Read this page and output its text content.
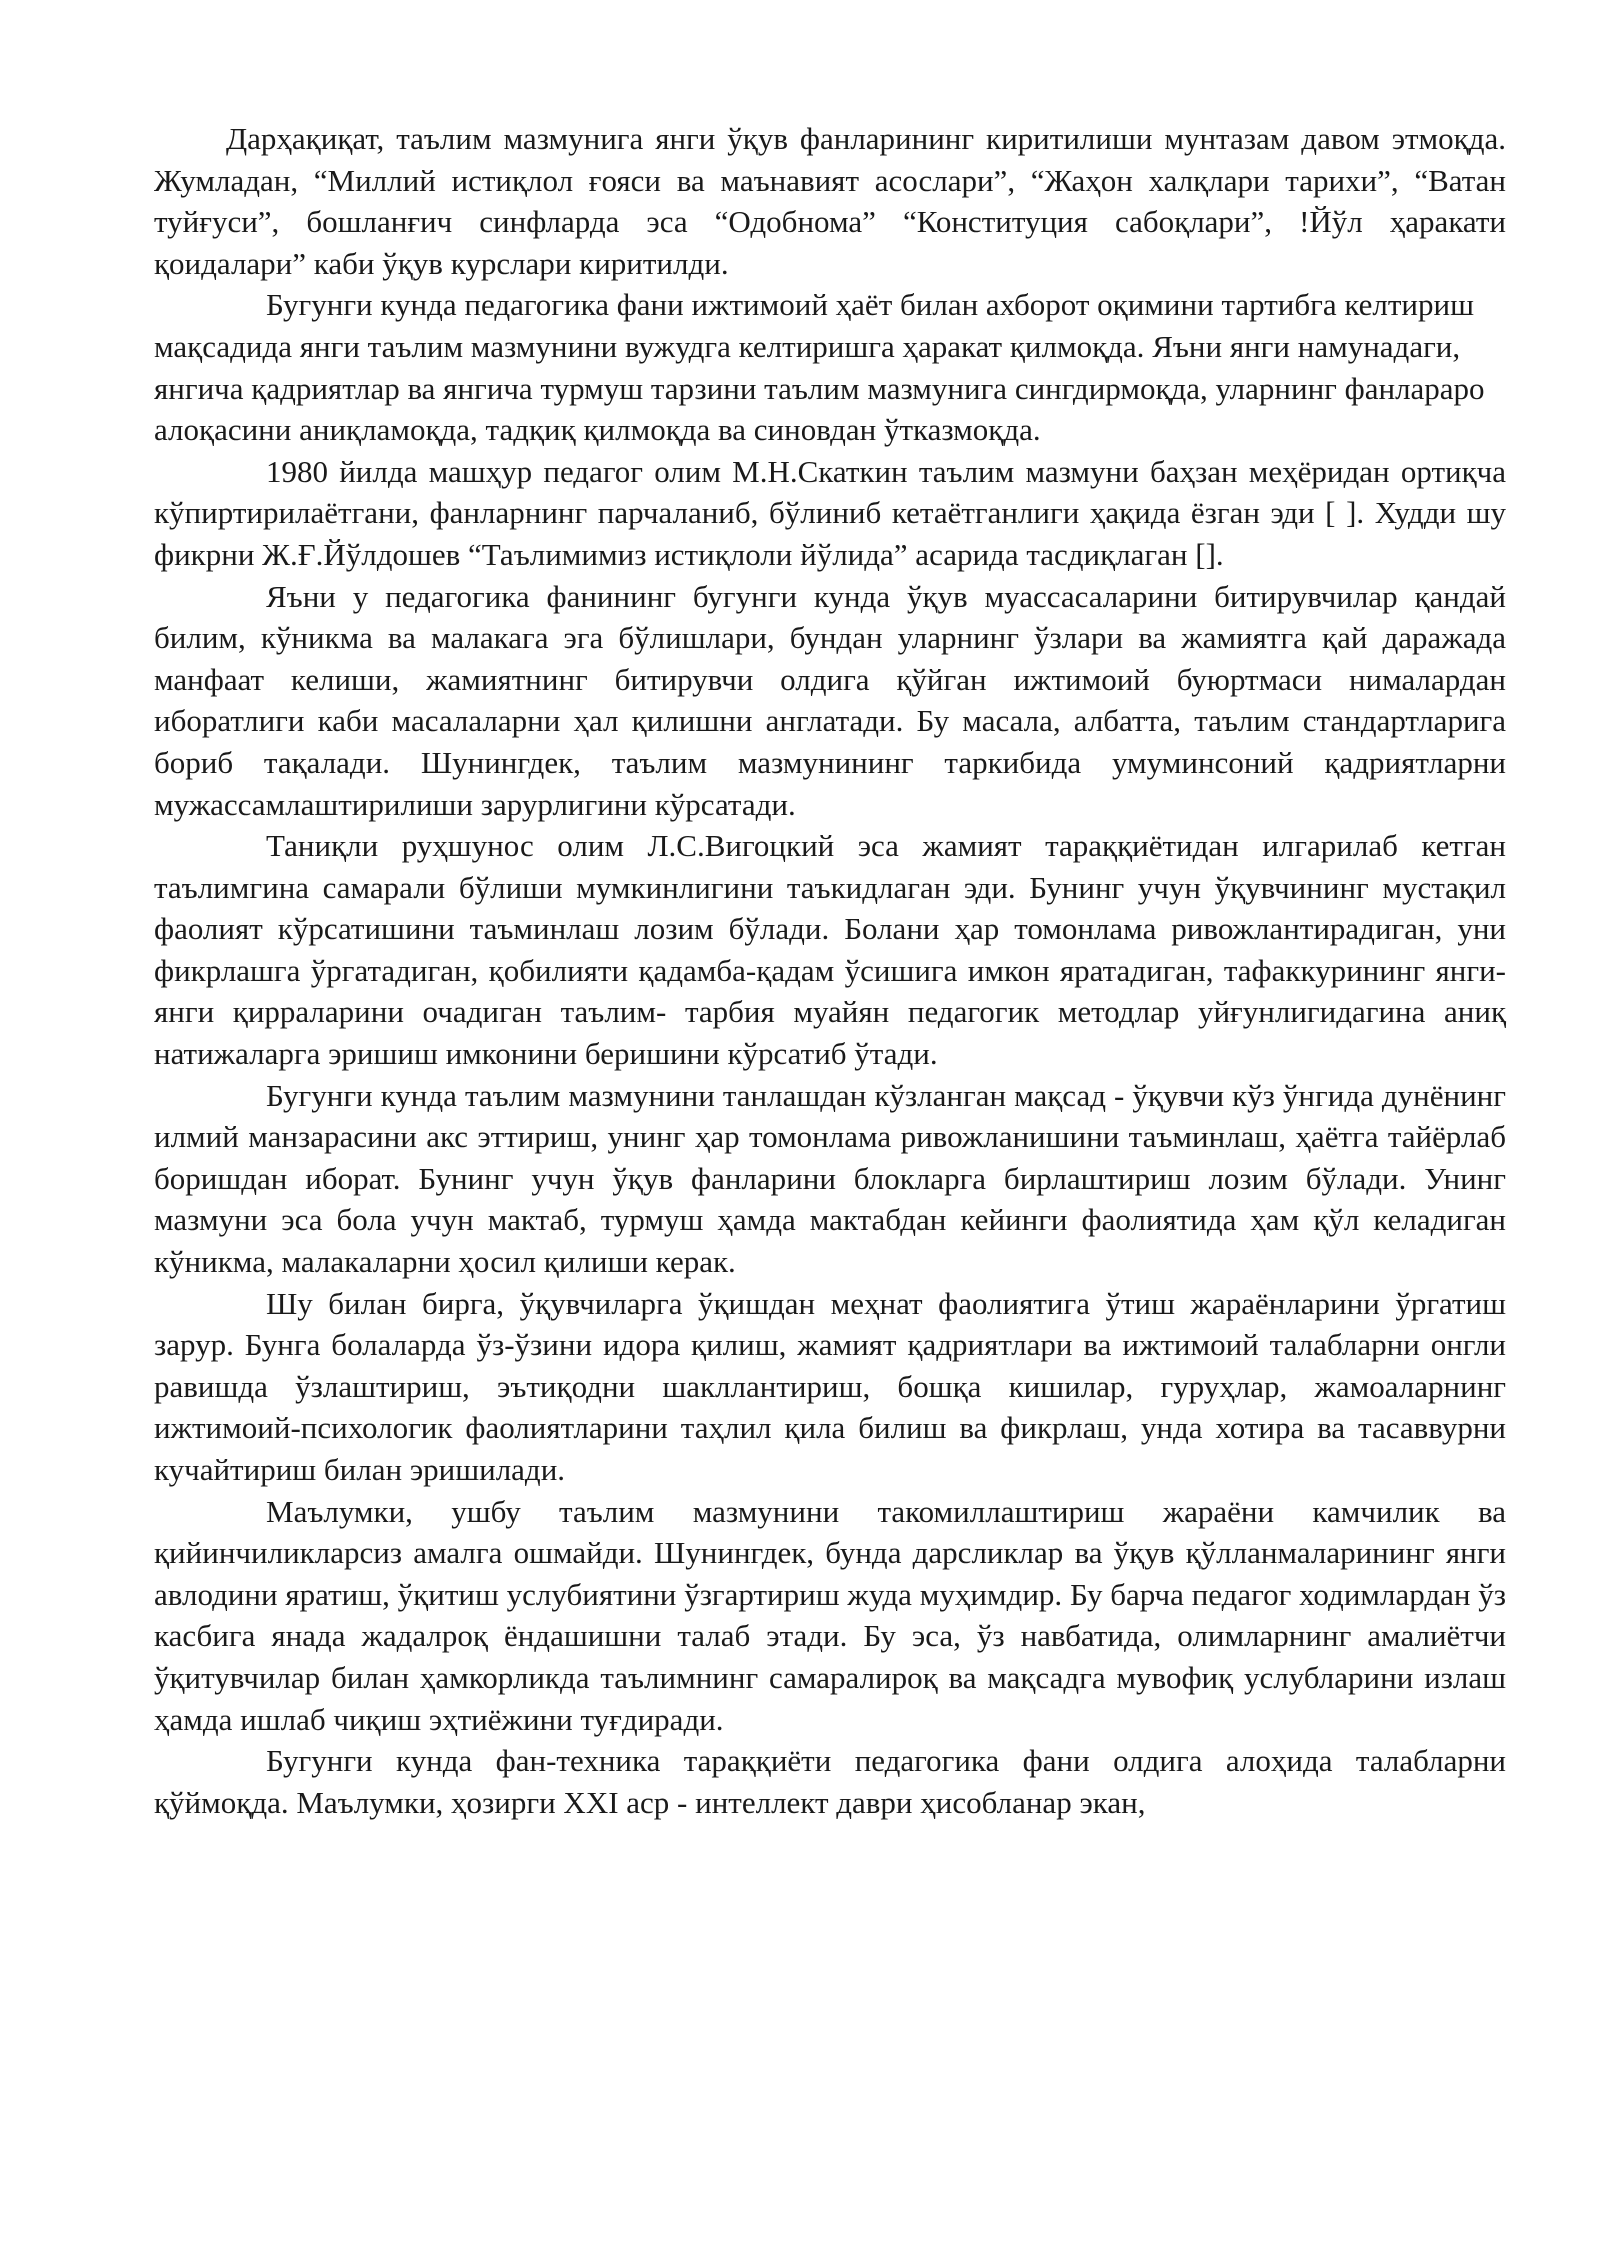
Дарҳақиқат, таълим мазмунига янги ўқув фанларининг киритилиши мунтазам давом этмоқда. Жумладан, “Миллий истиқлол ғояси ва маънавият асослари”, “Жаҳон халқлари тарихи”, “Ватан туйғуси”, бошланғич синфларда эса “Одобнома” “Конституция сабоқлари”, !Йўл ҳаракати қоидалари” каби ўқув курслари киритилди.

Бугунги кунда педагогика фани ижтимоий ҳаёт билан ахборот оқимини тартибга келтириш мақсадида янги таълим мазмунини вужудга келтиришга ҳаракат қилмоқда. Яъни янги намунадаги, янгича қадриятлар ва янгича турмуш тарзини таълим мазмунига сингдирмоқда, уларнинг фанлараро алоқасини аниқламоқда, тадқиқ қилмоқда ва синовдан ўтказмоқда.

1980 йилда машҳур педагог олим М.Н.Скаткин таълим мазмуни баҳзан меҳёридан ортиқча кўпиртирилаётгани, фанларнинг парчаланиб, бўлиниб кетаётганлиги ҳақида ёзган эди [ ]. Худди шу фикрни Ж.Ғ.Йўлдошев “Таълимимиз истиқлоли йўлида” асарида тасдиқлаган [].

Яъни у педагогика фанининг бугунги кунда ўқув муассасаларини битирувчилар қандай билим, кўникма ва малакага эга бўлишлари, бундан уларнинг ўзлари ва жамиятга қай даражада манфаат келиши, жамиятнинг битирувчи олдига қўйган ижтимоий буюртмаси нималардан иборатлиги каби масалаларни ҳал қилишни англатади. Бу масала, албатта, таълим стандартларига бориб тақалади. Шунингдек, таълим мазмунининг таркибида умуминсоний қадриятларни мужассамлаштирилиши зарурлигини кўрсатади.

Таниқли руҳшунос олим Л.С.Вигоцкий эса жамият тараққиётидан илгарилаб кетган таълимгина самарали бўлиши мумкинлигини таъкидлаган эди. Бунинг учун ўқувчининг мустақил фаолият кўрсатишини таъминлаш лозим бўлади. Болани ҳар томонлама ривожлантирадиган, уни фикрлашга ўргатадиган, қобилияти қадамба-қадам ўсишига имкон яратадиган, тафаккурининг янги-янги қирраларини очадиган таълим- тарбия муайян педагогик методлар уйғунлигидагина аниқ натижаларга эришиш имконини беришини кўрсатиб ўтади.

Бугунги кунда таълим мазмунини танлашдан кўзланган мақсад - ўқувчи кўз ўнгида дунёнинг илмий манзарасини акс эттириш, унинг ҳар томонлама ривожланишини таъминлаш, ҳаётга тайёрлаб боришдан иборат. Бунинг учун ўқув фанларини блокларга бирлаштириш лозим бўлади. Унинг мазмуни эса бола учун мактаб, турмуш ҳамда мактабдан кейинги фаолиятида ҳам қўл келадиган кўникма, малакаларни ҳосил қилиши керак.

Шу билан бирга, ўқувчиларга ўқишдан меҳнат фаолиятига ўтиш жараёнларини ўргатиш зарур. Бунга болаларда ўз-ўзини идора қилиш, жамият қадриятлари ва ижтимоий талабларни онгли равишда ўзлаштириш, эътиқодни шакллантириш, бошқа кишилар, гуруҳлар, жамоаларнинг ижтимоий-психологик фаолиятларини таҳлил қила билиш ва фикрлаш, унда хотира ва тасаввурни кучайтириш билан эришилади.

Маълумки, ушбу таълим мазмунини такомиллаштириш жараёни камчилик ва қийинчиликларсиз амалга ошмайди. Шунингдек, бунда дарсликлар ва ўқув қўлланмаларининг янги авлодини яратиш, ўқитиш услубиятини ўзгартириш жуда муҳимдир. Бу барча педагог ходимлардан ўз касбига янада жадалроқ ёндашишни талаб этади. Бу эса, ўз навбатида, олимларнинг амалиётчи ўқитувчилар билан ҳамкорликда таълимнинг самаралироқ ва мақсадга мувофиқ услубларини излаш ҳамда ишлаб чиқиш эҳтиёжини туғдиради.

Бугунги кунда фан-техника тараққиёти педагогика фани олдига алоҳида талабларни қўймоқда. Маълумки, ҳозирги XXI аср - интеллект даври ҳисобланар экан,
